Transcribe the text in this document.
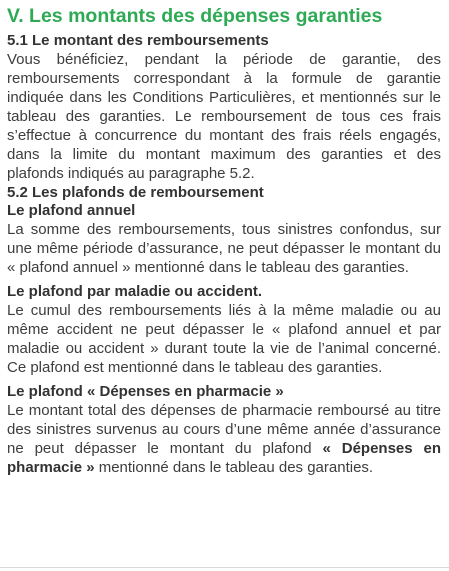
V. Les montants des dépenses garanties
5.1 Le montant des remboursements

Vous bénéficiez, pendant la période de garantie, des remboursements correspondant à la formule de garantie indiquée dans les Conditions Particulières, et mentionnés sur le tableau des garanties. Le remboursement de tous ces frais s’effectue à concurrence du montant des frais réels engagés, dans la limite du montant maximum des garanties et des plafonds indiqués au paragraphe 5.2.

5.2 Les plafonds de remboursement
Le plafond annuel

La somme des remboursements, tous sinistres confondus, sur une même période d’assurance, ne peut dépasser le montant du « plafond annuel » mentionné dans le tableau des garanties.

Le plafond par maladie ou accident.

Le cumul des remboursements liés à la même maladie ou au même accident ne peut dépasser le « plafond annuel et par maladie ou accident » durant toute la vie de l’animal concerné. Ce plafond est mentionné dans le tableau des garanties.

Le plafond « Dépenses en pharmacie »

Le montant total des dépenses de pharmacie remboursé au titre des sinistres survenus au cours d’une même année d’assurance ne peut dépasser le montant du plafond « Dépenses en pharmacie » mentionné dans le tableau des garanties.
